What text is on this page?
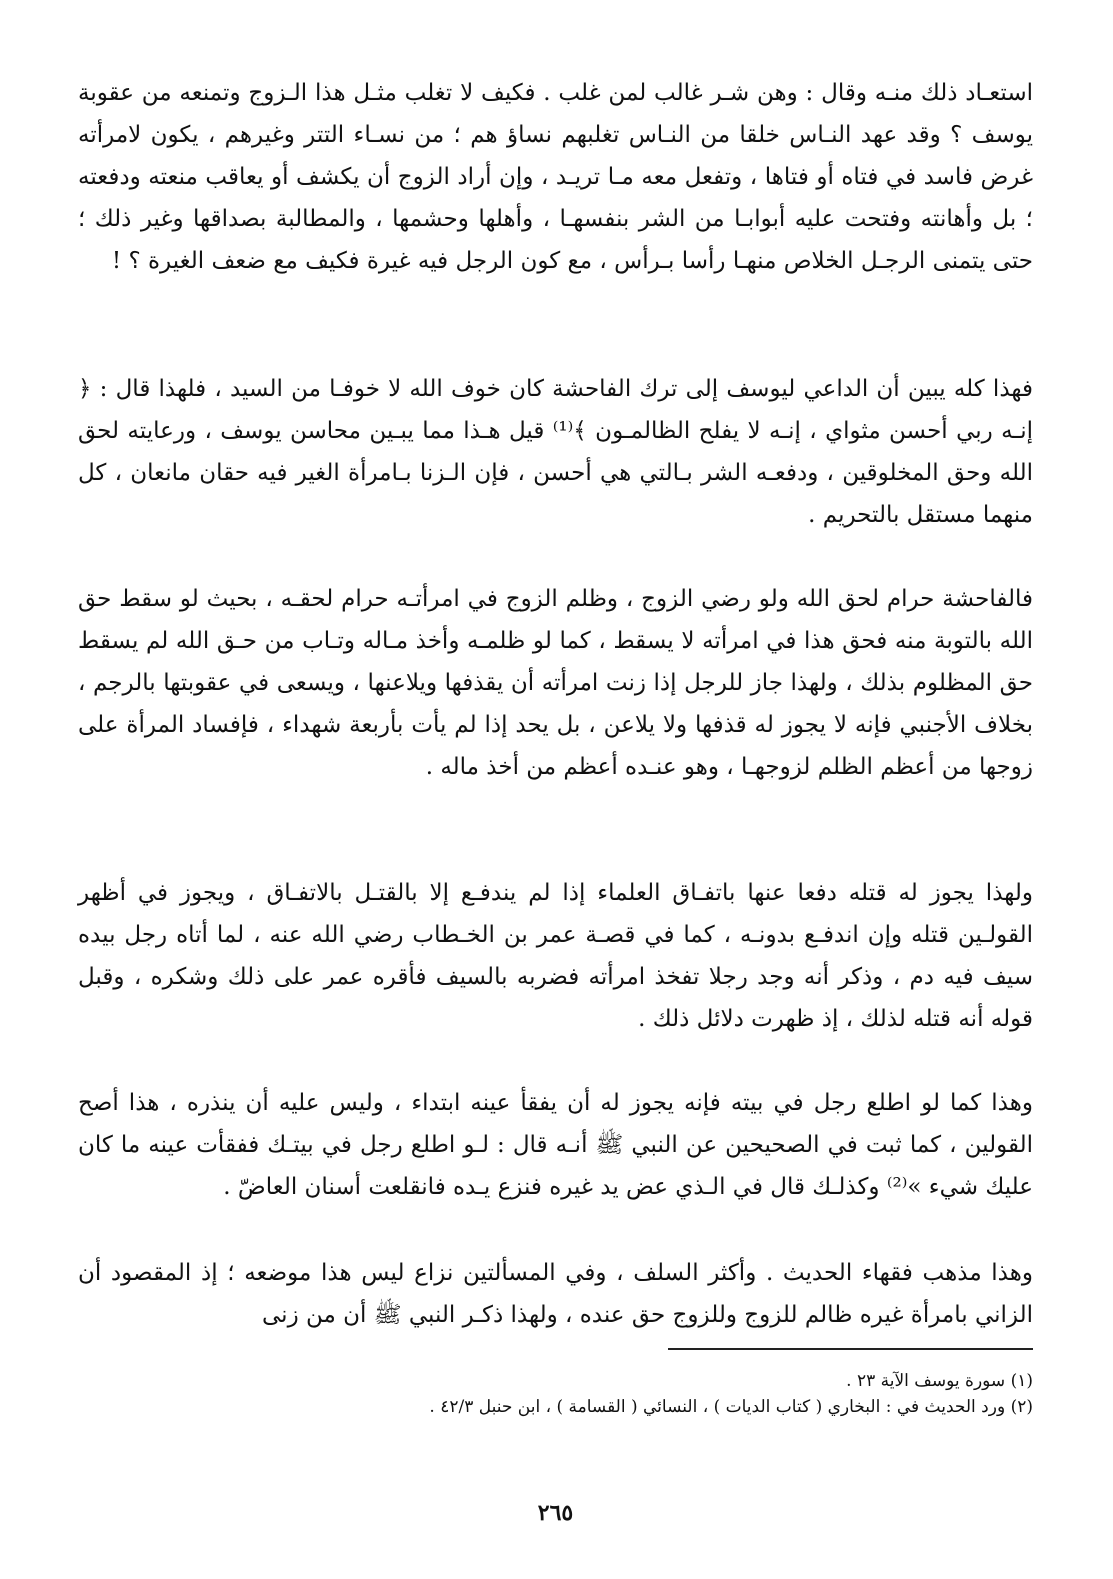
استعـاد ذلك منـه وقال : وهن شـر غالب لمن غلب . فكيف لا تغلب مثـل هذا الـزوج وتمنعه من عقوبة يوسف ؟ وقد عهد النـاس خلقا من النـاس تغلبهم نساؤ هم ؛ من نسـاء التتر وغيرهم ، يكون لامرأته غرض فاسد في فتاه أو فتاها ، وتفعل معه مـا تريـد ، وإن أراد الزوج أن يكشف أو يعاقب منعته ودفعته ؛ بل وأهانته وفتحت عليه أبوابـا من الشر بنفسهـا ، وأهلها وحشمها ، والمطالبة بصداقها وغير ذلك ؛ حتى يتمنى الرجـل الخلاص منهـا رأسا بـرأس ، مع كون الرجل فيه غيرة فكيف مع ضعف الغيرة ؟ !

فهذا كله يبين أن الداعي ليوسف إلى ترك الفاحشة كان خوف الله لا خوفـا من السيد ، فلهذا قال : ﴿ إنـه ربي أحسن مثواي ، إنـه لا يفلح الظالمـون ﴾⁽¹⁾ قيل هـذا مما يبـين محاسن يوسف ، ورعايته لحق الله وحق المخلوقين ، ودفعـه الشر بـالتي هي أحسن ، فإن الـزنا بـامرأة الغير فيه حقان مانعان ، كل منهما مستقل بالتحريم .

فالفاحشة حرام لحق الله ولو رضي الزوج ، وظلم الزوج في امرأتـه حرام لحقـه ، بحيث لو سقط حق الله بالتوبة منه فحق هذا في امرأته لا يسقط ، كما لو ظلمـه وأخذ مـاله وتـاب من حـق الله لم يسقط حق المظلوم بذلك ، ولهذا جاز للرجل إذا زنت امرأته أن يقذفها ويلاعنها ، ويسعى في عقوبتها بالرجم ، بخلاف الأجنبي فإنه لا يجوز له قذفها ولا يلاعن ، بل يحد إذا لم يأت بأربعة شهداء ، فإفساد المرأة على زوجها من أعظم الظلم لزوجهـا ، وهو عنـده أعظم من أخذ ماله .

ولهذا يجوز له قتله دفعا عنها باتفـاق العلماء إذا لم يندفـع إلا بالقتـل بالاتفـاق ، ويجوز في أظهر القولـين قتله وإن اندفـع بدونـه ، كما في قصـة عمر بن الخـطاب رضي الله عنه ، لما أتاه رجل بيده سيف فيه دم ، وذكر أنه وجد رجلا تفخذ امرأته فضربه بالسيف فأقره عمر على ذلك وشكره ، وقبل قوله أنه قتله لذلك ، إذ ظهرت دلائل ذلك .

وهذا كما لو اطلع رجل في بيته فإنه يجوز له أن يفقأ عينه ابتداء ، وليس عليه أن ينذره ، هذا أصح القولين ، كما ثبت في الصحيحين عن النبي ﷺ أنـه قال : لـو اطلع رجل في بيتـك ففقأت عينه ما كان عليك شيء »⁽²⁾ وكذلـك قال في الـذي عض يد غيره فنزع يـده فانقلعت أسنان العاضّ .

وهذا مذهب فقهاء الحديث . وأكثر السلف ، وفي المسألتين نزاع ليس هذا موضعه ؛ إذ المقصود أن الزاني بامرأة غيره ظالم للزوج وللزوج حق عنده ، ولهذا ذكـر النبي ﷺ أن من زنى

(١) سورة يوسف الآية ٢٣ .

(٢) ورد الحديث في : البخاري ( كتاب الديات ) ، النسائي ( القسامة ) ، ابن حنبل ٤٢/٣ .

٢٦٥
